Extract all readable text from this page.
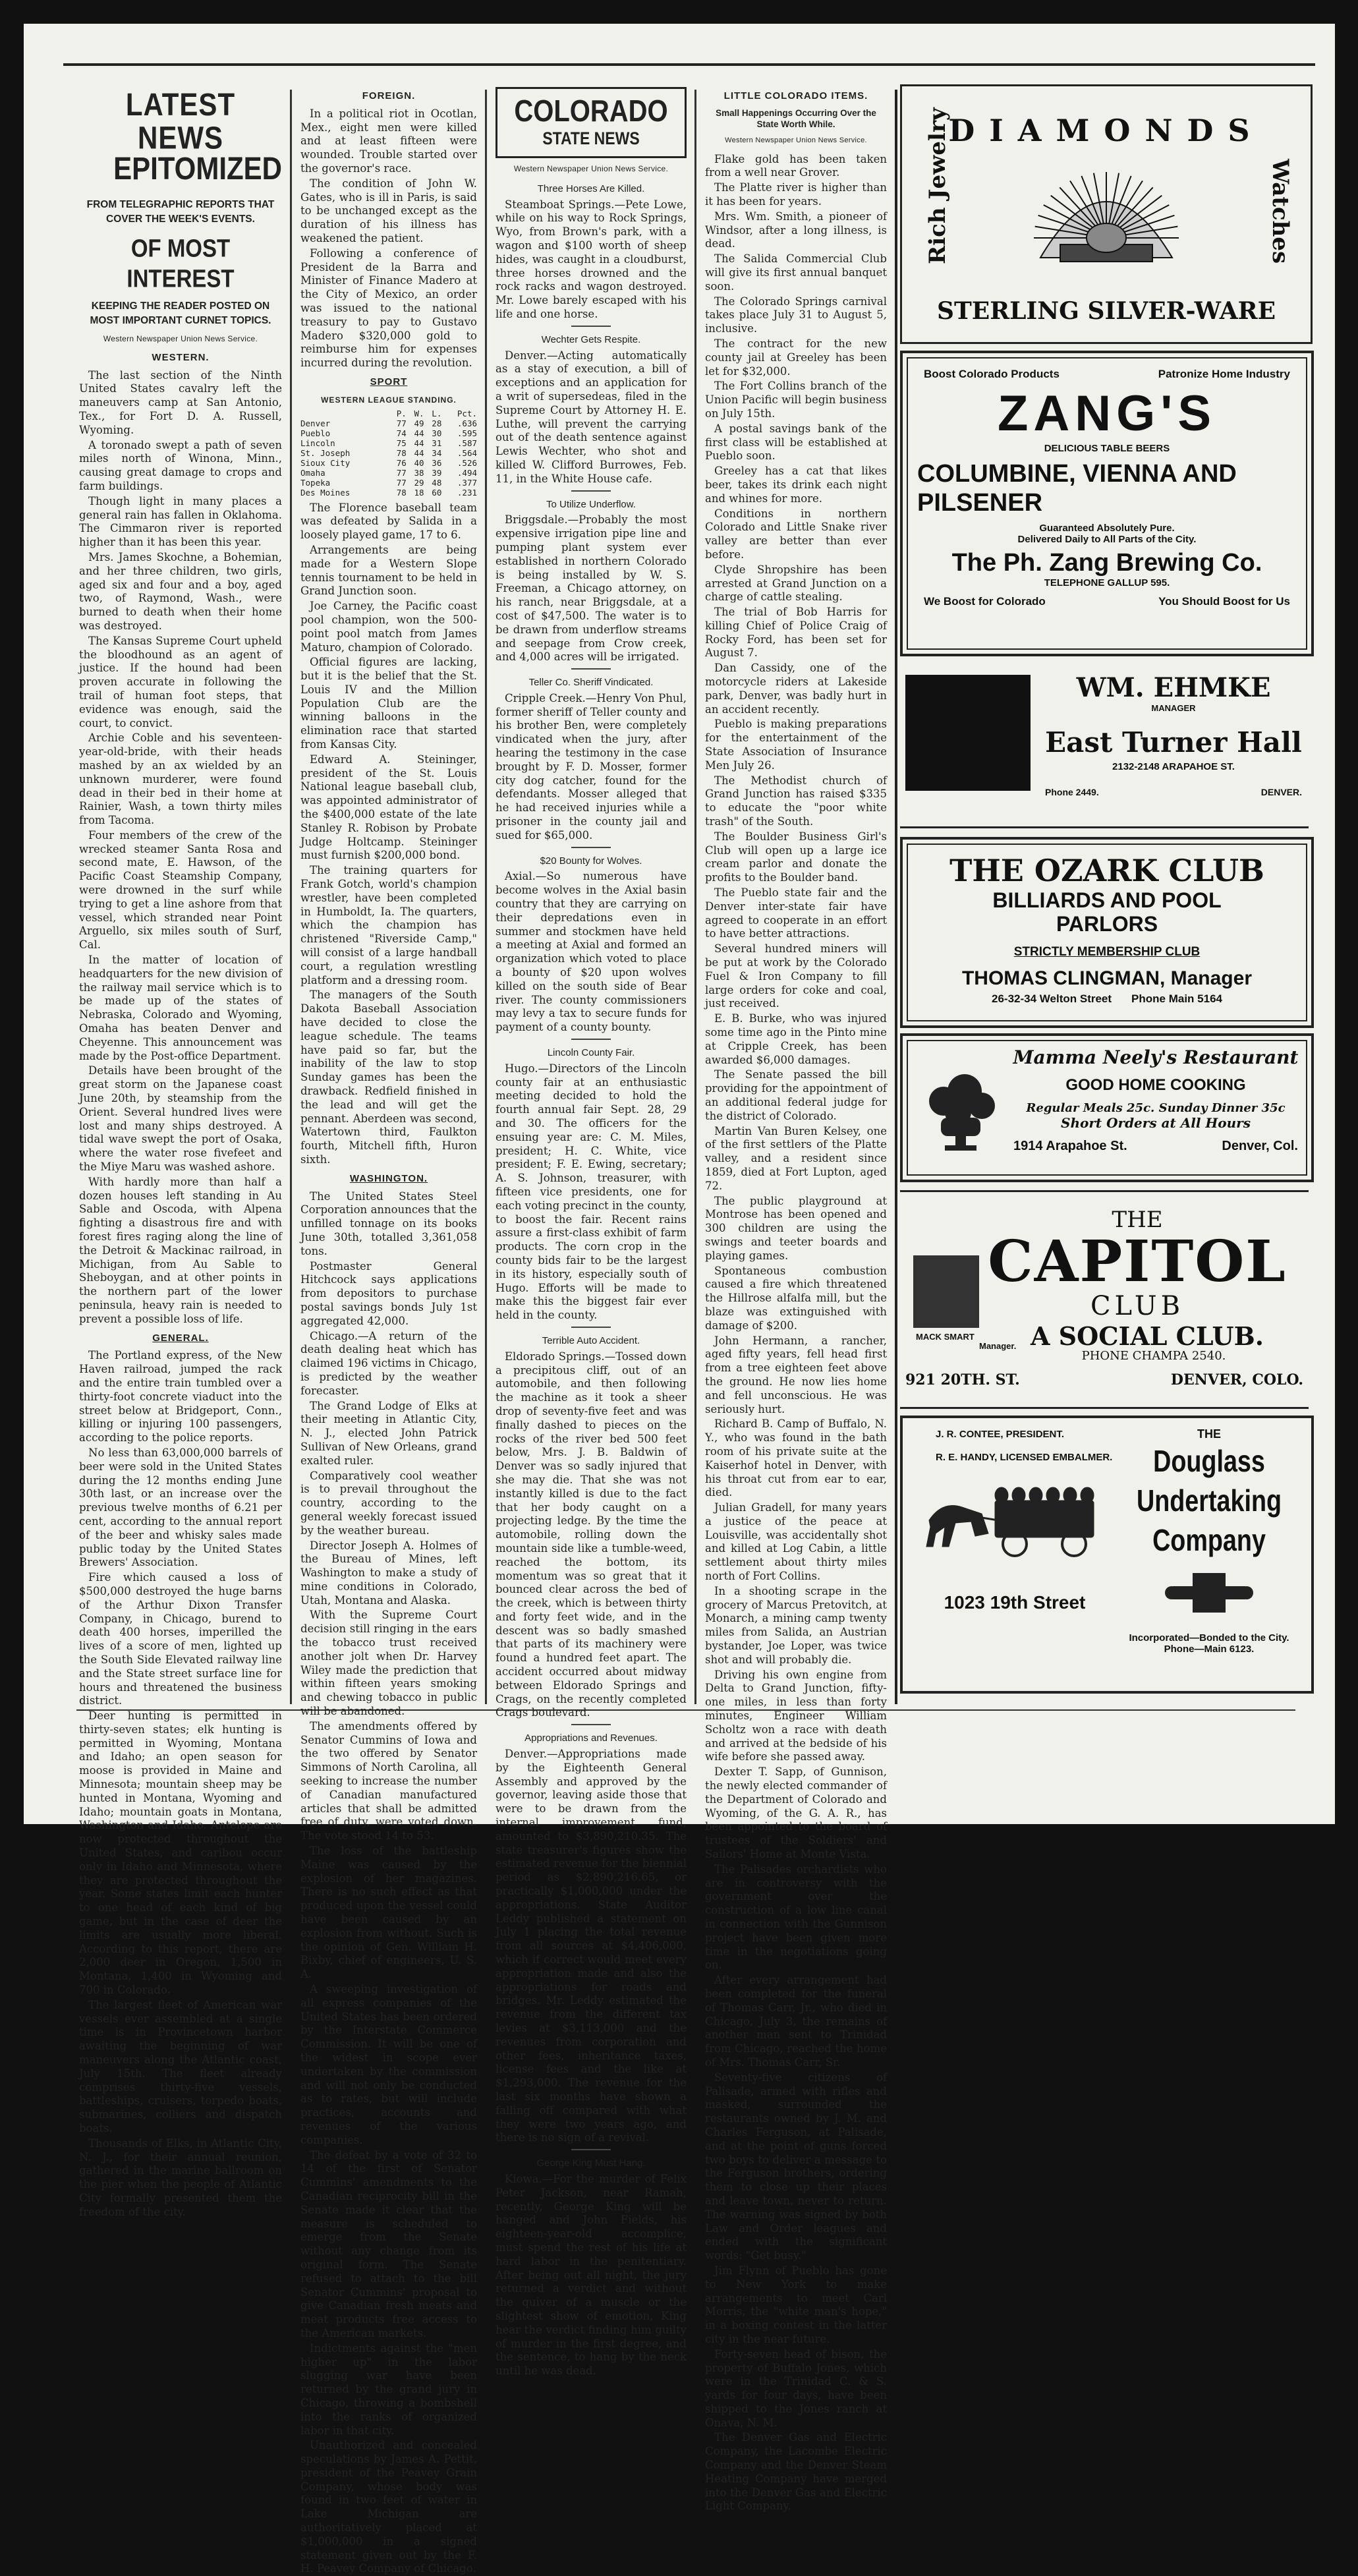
LATEST NEWS
EPITOMIZED
FROM TELEGRAPHIC REPORTS THAT COVER THE WEEK'S EVENTS.
OF MOST INTEREST
KEEPING THE READER POSTED ON MOST IMPORTANT CURNET TOPICS.
Western Newspaper Union News Service.
WESTERN.

The last section of the Ninth United States cavalry left the maneuvers camp at San Antonio, Tex., for Fort D. A. Russell, Wyoming.

A toronado swept a path of seven miles north of Winona, Minn., causing great damage to crops and farm buildings.

Though light in many places a general rain has fallen in Oklahoma. The Cimmaron river is reported higher than it has been this year.

Mrs. James Skochne, a Bohemian, and her three children, two girls, aged six and four and a boy, aged two, of Raymond, Wash., were burned to death when their home was destroyed.

The Kansas Supreme Court upheld the bloodhound as an agent of justice. If the hound had been proven accurate in following the trail of human foot steps, that evidence was enough, said the court, to convict.

Archie Coble and his seventeen-year-old-bride, with their heads mashed by an ax wielded by an unknown murderer, were found dead in their bed in their home at Rainier, Wash, a town thirty miles from Tacoma.

Four members of the crew of the wrecked steamer Santa Rosa and second mate, E. Hawson, of the Pacific Coast Steamship Company, were drowned in the surf while trying to get a line ashore from that vessel, which stranded near Point Arguello, six miles south of Surf, Cal.

In the matter of location of headquarters for the new division of the railway mail service which is to be made up of the states of Nebraska, Colorado and Wyoming, Omaha has beaten Denver and Cheyenne. This announcement was made by the Post-office Department.

Details have been brought of the great storm on the Japanese coast June 20th, by steamship from the Orient. Several hundred lives were lost and many ships destroyed. A tidal wave swept the port of Osaka, where the water rose fivefeet and the Miye Maru was washed ashore.

With hardly more than half a dozen houses left standing in Au Sable and Oscoda, with Alpena fighting a disastrous fire and with forest fires raging along the line of the Detroit & Mackinac railroad, in Michigan, from Au Sable to Sheboygan, and at other points in the northern part of the lower peninsula, heavy rain is needed to prevent a possible loss of life.

GENERAL.

The Portland express, of the New Haven railroad, jumped the rack and the entire train tumbled over a thirty-foot concrete viaduct into the street below at Bridgeport, Conn., killing or injuring 100 passengers, according to the police reports.

No less than 63,000,000 barrels of beer were sold in the United States during the 12 months ending June 30th last, or an increase over the previous twelve months of 6.21 per cent, according to the annual report of the beer and whisky sales made public today by the United States Brewers' Association.

Fire which caused a loss of $500,000 destroyed the huge barns of the Arthur Dixon Transfer Company, in Chicago, burend to death 400 horses, imperilled the lives of a score of men, lighted up the South Side Elevated railway line and the State street surface line for hours and threatened the business district.

Deer hunting is permitted in thirty-seven states; elk hunting is permitted in Wyoming, Montana and Idaho; an open season for moose is provided in Maine and Minnesota; mountain sheep may be hunted in Montana, Wyoming and Idaho; mountain goats in Montana, Washington and Idaho. Antelope are now protected throughout the United States, and caribou occur only in Idaho and Minnesota, where they are protected throughout the year. Some states limit each hunter to one head of each kind of big game, but in the case of deer the limits are usually more liberal. According to this report, there are 2,000 deer in Oregon, 1,500 in Montana, 1,400 in Wyoming and 700 in Colorado.

The largest fleet of American war vessels ever assembled at a single time is in Provincetown harbor awaiting the beginning of war maneuvers along the Atlantic coast, July 15th. The fleet already comprises thirty-five vessels, battleships, cruisers, torpedo boats, submarines, colliers and dispatch boats.

Thousands of Elks, in Atlantic City, N. J., for their annual reunion, gathered in the marine ballroom on the pier when the people of Atlantic City formally presented them the freedom of the city.

FOREIGN.

In a political riot in Ocotlan, Mex., eight men were killed and at least fifteen were wounded. Trouble started over the governor's race.

The condition of John W. Gates, who is ill in Paris, is said to be unchanged except as the duration of his illness has weakened the patient.

Following a conference of President de la Barra and Minister of Finance Madero at the City of Mexico, an order was issued to the national treasury to pay to Gustavo Madero $320,000 gold to reimburse him for expenses incurred during the revolution.

SPORT
WESTERN LEAGUE STANDING.
	P.	W.	L.	Pct.
Denver	77	49	28	.636
Pueblo	74	44	30	.595
Lincoln	75	44	31	.587
St. Joseph	78	44	34	.564
Sioux City	76	40	36	.526
Omaha	77	38	39	.494
Topeka	77	29	48	.377
Des Moines	78	18	60	.231

The Florence baseball team was defeated by Salida in a loosely played game, 17 to 6.

Arrangements are being made for a Western Slope tennis tournament to be held in Grand Junction soon.

Joe Carney, the Pacific coast pool champion, won the 500-point pool match from James Maturo, champion of Colorado.

Official figures are lacking, but it is the belief that the St. Louis IV and the Million Population Club are the winning balloons in the elimination race that started from Kansas City.

Edward A. Steininger, president of the St. Louis National league baseball club, was appointed administrator of the $400,000 estate of the late Stanley R. Robison by Probate Judge Holtcamp. Steininger must furnish $200,000 bond.

The training quarters for Frank Gotch, world's champion wrestler, have been completed in Humboldt, Ia. The quarters, which the champion has christened "Riverside Camp," will consist of a large handball court, a regulation wrestling platform and a dressing room.

The managers of the South Dakota Baseball Association have decided to close the league schedule. The teams have paid so far, but the inability of the law to stop Sunday games has been the drawback. Redfield finished in the lead and will get the pennant. Aberdeen was second, Watertown third, Faulkton fourth, Mitchell fifth, Huron sixth.

WASHINGTON.

The United States Steel Corporation announces that the unfilled tonnage on its books June 30th, totalled 3,361,058 tons.

Postmaster General Hitchcock says applications from depositors to purchase postal savings bonds July 1st aggregated 42,000.

Chicago.—A return of the death dealing heat which has claimed 196 victims in Chicago, is predicted by the weather forecaster.

The Grand Lodge of Elks at their meeting in Atlantic City, N. J., elected John Patrick Sullivan of New Orleans, grand exalted ruler.

Comparatively cool weather is to prevail throughout the country, according to the general weekly forecast issued by the weather bureau.

Director Joseph A. Holmes of the Bureau of Mines, left Washington to make a study of mine conditions in Colorado, Utah, Montana and Alaska.

With the Supreme Court decision still ringing in the ears the tobacco trust received another jolt when Dr. Harvey Wiley made the prediction that within fifteen years smoking and chewing tobacco in public will be abandoned.

The amendments offered by Senator Cummins of Iowa and the two offered by Senator Simmons of North Carolina, all seeking to increase the number of Canadian manufactured articles that shall be admitted free of duty, were voted down. The vote stood 14 to 53.

The loss of the battleship Maine was caused by the explosion of her magazines. There is no such effect as that produced upon the vessel could have been caused by an explosion from without. Such is the opinion of Gen. William H. Bixby, chief of engineers, U. S. A.

A sweeping investigation of all express companies of the United States has been ordered by the Interstate Commerce Commission. It will be one of the widest in scope ever undertaken by the commission and will not only be conducted as to rates, but will include practices, accounts and revenues of the various companies.

The defeat by a vote of 32 to 14 of the first of Senator Cummins' amendments to the Canadian reciprocity bill in the Senate made it clear that the measure is scheduled to emerge from the Senate without any change from its original form. The Senate refused to attach to the bill Senator Cummins' proposal to give Canadian fresh meats and meat products free access to the American markets.

Indictments against the "men higher up" in the labor slugging war have been returned by the grand jury in Chicago, throwing a bombshell into the ranks of organized labor in that city.

Unauthorized and concealed speculations by James A. Pettit, president of the Peavey Grain Company, whose body was found in two feet of water in Lake Michigan are authoritatively placed at $1,000,000 in a signed statement given out by the F. H. Peavey Company of Chicago.

COLORADO
STATE NEWS
Western Newspaper Union News Service.
Three Horses Are Killed.

Steamboat Springs.—Pete Lowe, while on his way to Rock Springs, Wyo, from Brown's park, with a wagon and $100 worth of sheep hides, was caught in a cloudburst, three horses drowned and the rock racks and wagon destroyed. Mr. Lowe barely escaped with his life and one horse.

Wechter Gets Respite.

Denver.—Acting automatically as a stay of execution, a bill of exceptions and an application for a writ of supersedeas, filed in the Supreme Court by Attorney H. E. Luthe, will prevent the carrying out of the death sentence against Lewis Wechter, who shot and killed W. Clifford Burrowes, Feb. 11, in the White House cafe.

To Utilize Underflow.

Briggsdale.—Probably the most expensive irrigation pipe line and pumping plant system ever established in northern Colorado is being installed by W. S. Freeman, a Chicago attorney, on his ranch, near Briggsdale, at a cost of $47,500. The water is to be drawn from underflow streams and seepage from Crow creek, and 4,000 acres will be irrigated.

Teller Co. Sheriff Vindicated.

Cripple Creek.—Henry Von Phul, former sheriff of Teller county and his brother Ben, were completely vindicated when the jury, after hearing the testimony in the case brought by F. D. Mosser, former city dog catcher, found for the defendants. Mosser alleged that he had received injuries while a prisoner in the county jail and sued for $65,000.

$20 Bounty for Wolves.

Axial.—So numerous have become wolves in the Axial basin country that they are carrying on their depredations even in summer and stockmen have held a meeting at Axial and formed an organization which voted to place a bounty of $20 upon wolves killed on the south side of Bear river. The county commissioners may levy a tax to secure funds for payment of a county bounty.

Lincoln County Fair.

Hugo.—Directors of the Lincoln county fair at an enthusiastic meeting decided to hold the fourth annual fair Sept. 28, 29 and 30. The officers for the ensuing year are: C. M. Miles, president; H. C. White, vice president; F. E. Ewing, secretary; A. S. Johnson, treasurer, with fifteen vice presidents, one for each voting precinct in the county, to boost the fair. Recent rains assure a first-class exhibit of farm products. The corn crop in the county bids fair to be the largest in its history, especially south of Hugo. Efforts will be made to make this the biggest fair ever held in the county.

Terrible Auto Accident.

Eldorado Springs.—Tossed down a precipitous cliff, out of an automobile, and then following the machine as it took a sheer drop of seventy-five feet and was finally dashed to pieces on the rocks of the river bed 500 feet below, Mrs. J. B. Baldwin of Denver was so sadly injured that she may die. That she was not instantly killed is due to the fact that her body caught on a projecting ledge. By the time the automobile, rolling down the mountain side like a tumble-weed, reached the bottom, its momentum was so great that it bounced clear across the bed of the creek, which is between thirty and forty feet wide, and in the descent was so badly smashed that parts of its machinery were found a hundred feet apart. The accident occurred about midway between Eldorado Springs and Crags, on the recently completed Crags boulevard.

Appropriations and Revenues.

Denver.—Appropriations made by the Eighteenth General Assembly and approved by the governor, leaving aside those that were to be drawn from the internal improvement fund, amounted to $3,890,210.35. The state treasurer's figures show the estimated revenue for the biennial period as $2,890,216.65, or practically $1,000,000 under the appropriations. State Auditor Leddy published a statement on July 1 placing the total revenue from all sources at $4,406,000, which if correct would meet every appropriation made and also the appropriations for roads and bridges. Mr. Leddy estimated the revenue from the different tax levies at $3,113,000 and the revenues from corporation and other fees, inheritance taxes, license fees and the like at $1,293,000. The revenue for the last six months have shown a falling off compared with what they were two years ago, and there is no sign of a revival.

George King Must Hang.

Kiowa.—For the murder of Felix Peter Jackson, near Ramah, recently, George King will be hanged and John Fields, his eighteen-year-old accomplice, must spend the rest of his life at hard labor in the penitentiary. After being out all night, the jury returned a verdict and without the quiver of a muscle or the slightest show of emotion, King hear the verdict finding him guilty of murder in the first degree, and the sentence, to hang by the neck until he was dead.

LITTLE COLORADO ITEMS.
Small Happenings Occurring Over the State Worth While.
Western Newspaper Union News Service.

Flake gold has been taken from a well near Grover.

The Platte river is higher than it has been for years.

Mrs. Wm. Smith, a pioneer of Windsor, after a long illness, is dead.

The Salida Commercial Club will give its first annual banquet soon.

The Colorado Springs carnival takes place July 31 to August 5, inclusive.

The contract for the new county jail at Greeley has been let for $32,000.

The Fort Collins branch of the Union Pacific will begin business on July 15th.

A postal savings bank of the first class will be established at Pueblo soon.

Greeley has a cat that likes beer, takes its drink each night and whines for more.

Conditions in northern Colorado and Little Snake river valley are better than ever before.

Clyde Shropshire has been arrested at Grand Junction on a charge of cattle stealing.

The trial of Bob Harris for killing Chief of Police Craig of Rocky Ford, has been set for August 7.

Dan Cassidy, one of the motorcycle riders at Lakeside park, Denver, was badly hurt in an accident recently.

Pueblo is making preparations for the entertainment of the State Association of Insurance Men July 26.

The Methodist church of Grand Junction has raised $335 to educate the "poor white trash" of the South.

The Boulder Business Girl's Club will open up a large ice cream parlor and donate the profits to the Boulder band.

The Pueblo state fair and the Denver inter-state fair have agreed to cooperate in an effort to have better attractions.

Several hundred miners will be put at work by the Colorado Fuel & Iron Company to fill large orders for coke and coal, just received.

E. B. Burke, who was injured some time ago in the Pinto mine at Cripple Creek, has been awarded $6,000 damages.

The Senate passed the bill providing for the appointment of an additional federal judge for the district of Colorado.

Martin Van Buren Kelsey, one of the first settlers of the Platte valley, and a resident since 1859, died at Fort Lupton, aged 72.

The public playground at Montrose has been opened and 300 children are using the swings and teeter boards and playing games.

Spontaneous combustion caused a fire which threatened the Hillrose alfalfa mill, but the blaze was extinguished with damage of $200.

John Hermann, a rancher, aged fifty years, fell head first from a tree eighteen feet above the ground. He now lies home and fell unconscious. He was seriously hurt.

Richard B. Camp of Buffalo, N. Y., who was found in the bath room of his private suite at the Kaiserhof hotel in Denver, with his throat cut from ear to ear, died.

Julian Gradell, for many years a justice of the peace at Louisville, was accidentally shot and killed at Log Cabin, a little settlement about thirty miles north of Fort Collins.

In a shooting scrape in the grocery of Marcus Pretovitch, at Monarch, a mining camp twenty miles from Salida, an Austrian bystander, Joe Loper, was twice shot and will probably die.

Driving his own engine from Delta to Grand Junction, fifty-one miles, in less than forty minutes, Engineer William Scholtz won a race with death and arrived at the bedside of his wife before she passed away.

Dexter T. Sapp, of Gunnison, the newly elected commander of the Department of Colorado and Wyoming, of the G. A. R., has been appointed to the board of trustees of the Soldiers' and Sailors' Home at Monte Vista.

The Palisades orchardists who are in controversy with the government over the construction of a low line canal in connection with the Gunnison project have been given more time in the negotiations going on.

After every arrangement had been completed for the funeral of Thomas Carr, Jr., who died in Chicago, July 3, the remains of another man sent to Trinidad from Chicago, reached the home of Mrs. Thomas Carr, Sr.

Seventy-five citizens of Palisade, armed with rifles and masked, surrounded the restaurants owned by J. M. and Charles Ferguson, at Palisade, and at the point of guns forced two boys to deliver a message to the Ferguson brothers, ordering them to close up their places and leave town, never to return. The warning was signed by both Law and Order leagues and ended with the significant words: "Get busy."

Jim Flynn of Pueblo has gone to New York to make arrangements to meet Carl Morris, the "white man's hope," in a boxing contest in the latter city in the near future.

Forty-seven head of bison, the property of Buffalo Jones, which were in the Trinidad C. & S. yards for four days, have been shipped to the Jones ranch at Onava, N. M.

The Denver Gas and Electric Company, the Lacombe Electric Company and the Denver Steam Heating Company have merged into the Denver Gas and Electric Light Company.

DIAMONDS
Rich Jewelry	Watches
STERLING SILVER-WARE
Boost Colorado Products	Patronize Home Industry
ZANG'S
DELICIOUS TABLE BEERS
COLUMBINE, VIENNA AND PILSENER
Guaranteed Absolutely Pure.
Delivered Daily to All Parts of the City.
The Ph. Zang Brewing Co.
TELEPHONE GALLUP 595.
We Boost for Colorado	You Should Boost for Us
WM. EHMKE
MANAGER
East Turner Hall
2132-2148 ARAPAHOE ST.
Phone 2449.	DENVER.
THE OZARK CLUB
BILLIARDS AND POOL
PARLORS
STRICTLY MEMBERSHIP CLUB
THOMAS CLINGMAN, Manager
26-32-34 Welton Street Phone Main 5164
Mamma Neely's Restaurant
GOOD HOME COOKING
Regular Meals 25c. Sunday Dinner 35c
Short Orders at All Hours
1914 Arapahoe St.	Denver, Col.
THE
CAPITOL
CLUB
A SOCIAL CLUB.
MACK SMART
Manager.
PHONE CHAMPA 2540.
921 20TH. ST.	DENVER, COLO.
J. R. CONTEE, PRESIDENT.
R. E. HANDY, LICENSED EMBALMER.
1023 19th Street
THE
Douglass Undertaking Company
Incorporated—Bonded to the City.
Phone—Main 6123.
